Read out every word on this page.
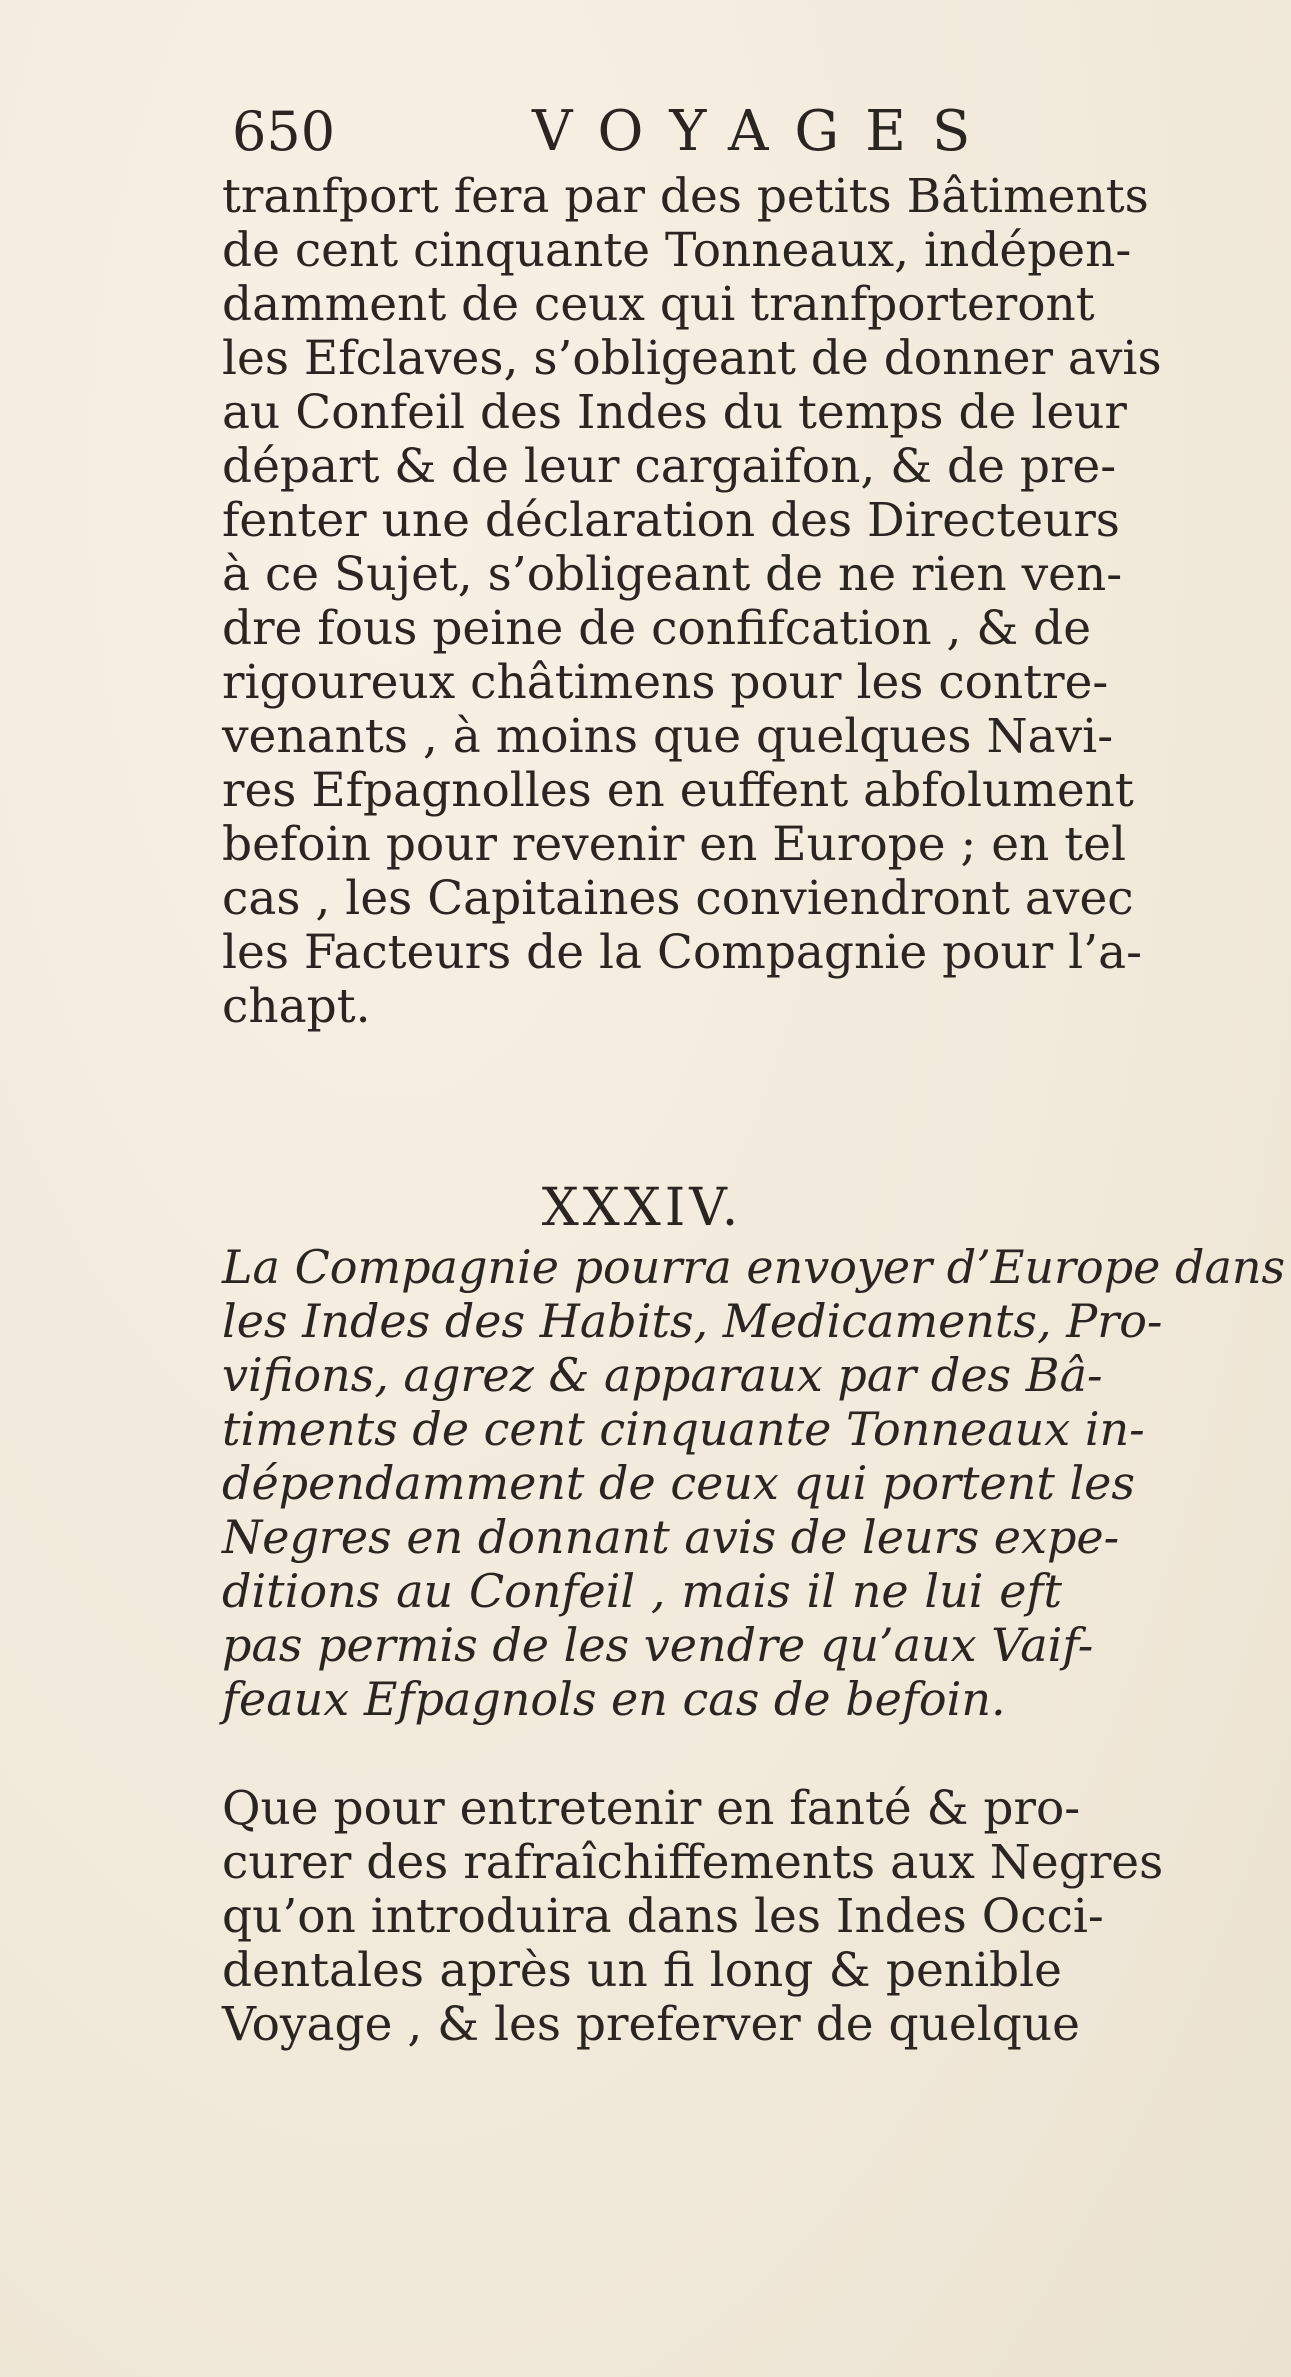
650	VOYAGES
tranfport fera par des petits Bâtiments
de cent cinquante Tonneaux, indépen-
damment de ceux qui tranfporteront
les Efclaves, s’obligeant de donner avis
au Confeil des Indes du temps de leur
départ & de leur cargaifon, & de pre-
fenter une déclaration des Directeurs
à ce Sujet, s’obligeant de ne rien ven-
dre fous peine de confifcation , & de
rigoureux châtimens pour les contre-
venants , à moins que quelques Navi-
res Efpagnolles en euffent abfolument
befoin pour revenir en Europe ; en tel
cas , les Capitaines conviendront avec
les Facteurs de la Compagnie pour l’a-
chapt.
XXXIV.
La Compagnie pourra envoyer d’Europe dans
les Indes des Habits, Medicaments, Pro-
vifions, agrez & apparaux par des Bâ-
timents de cent cinquante Tonneaux in-
dépendamment de ceux qui portent les
Negres en donnant avis de leurs expe-
ditions au Confeil , mais il ne lui eft
pas permis de les vendre qu’aux Vaif-
feaux Efpagnols en cas de befoin.
Que pour entretenir en fanté & pro-
curer des rafraîchiffements aux Negres
qu’on introduira dans les Indes Occi-
dentales après un fi long & penible
Voyage , & les preferver de quelque
